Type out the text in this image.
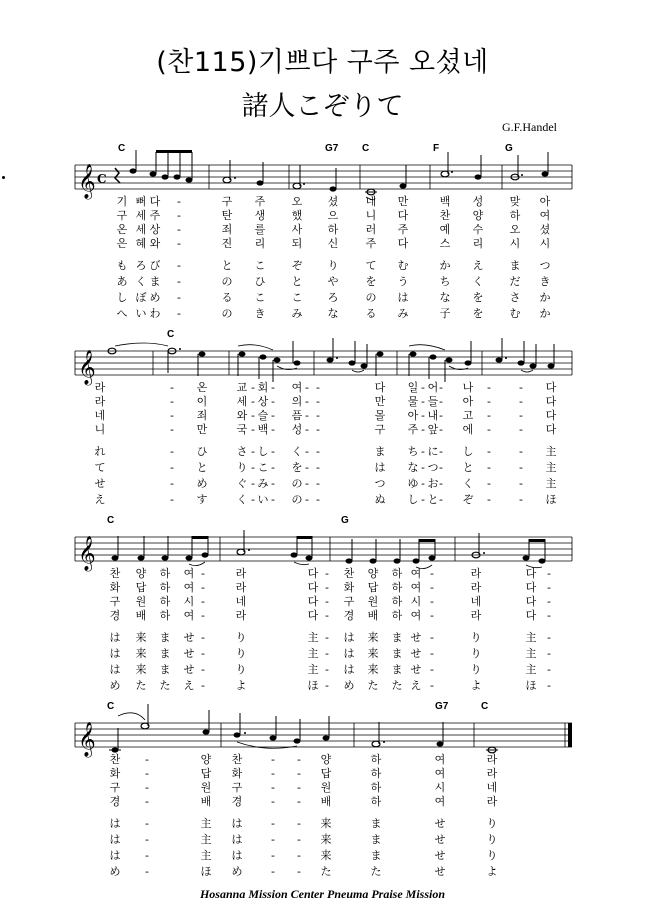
(찬115)기쁘다 구주 오셨네
諸人こぞりて
G.F.Handel
𝄞 C
C	G7 C	F	G
기 뻐 다 -	구 주 오 셨 네 만	백 성 맞 아
구 세 주 -	탄 생 했 으 니 다	찬 양 하 여
온 세 상 -	죄 를 사 하 러 주	예 수 오 셨
은 혜 와 -	진 리 되 신 주 다	스 리 시 시
も ろ び -	と こ ぞ り て む	か え ま つ
あ く ま -	の ひ と や を う	ち く だ き
し ぼ め -	る こ こ ろ の は	な を さ か
へ い わ -	の き み な る み	子 を む か
𝄞
C
라	- 온	교 - 회 - 여 - -	다 일 - 어 - 나 -	- 다
라	- 이	세 - 상 - 의 - -	만 물 - 들 - 아 -	- 다
네	- 죄	와 - 슬 - 픔 - -	몰 아 - 내 - 고 -	- 다
니	- 만	국 - 백 - 성 - -	구 주 - 앞 - 에 -	- 다
れ	- ひ	さ - し - く - -	ま ち - に - し -	- 主
て	- と	り - こ - を - -	は な - つ - と -	- 主
せ	- め	ぐ - み - の - -	つ ゆ - お - く -	- 主
え	- す	く - い - の - -	ぬ し - と - ぞ -	- ほ
𝄞
C	G
찬 양 하 여 -	라	다 - 찬 양 하 여 -	라	다 -
화 답 하 여 -	라	다 - 화 답 하 여 -	라	다 -
구 원 하 시 -	네	다 - 구 원 하 시 -	네	다 -
경 배 하 여 -	라	다 - 경 배 하 여 -	라	다 -
は 来 ま せ -	り	主 - は 来 ま せ -	り	主 -
は 来 ま せ -	り	主 - は 来 ま せ -	り	主 -
は 来 ま せ -	り	主 - は 来 ま せ -	り	主 -
め た た え -	よ	ほ - め た た え -	よ	ほ -
𝄞
C	G7	C
찬 -	양 찬	- - 양	하	여	라
화 -	답 화	- - 답	하	여	라
구 -	원 구	- - 원	하	시	네
경 -	배 경	- - 배	하	여	라
は -	主 は	- - 来	ま	せ	り
は -	主 は	- - 来	ま	せ	り
は -	主 は	- - 来	ま	せ	り
め -	ほ め	- - た	た	せ	よ
Hosanna Mission Center Pneuma Praise Mission
